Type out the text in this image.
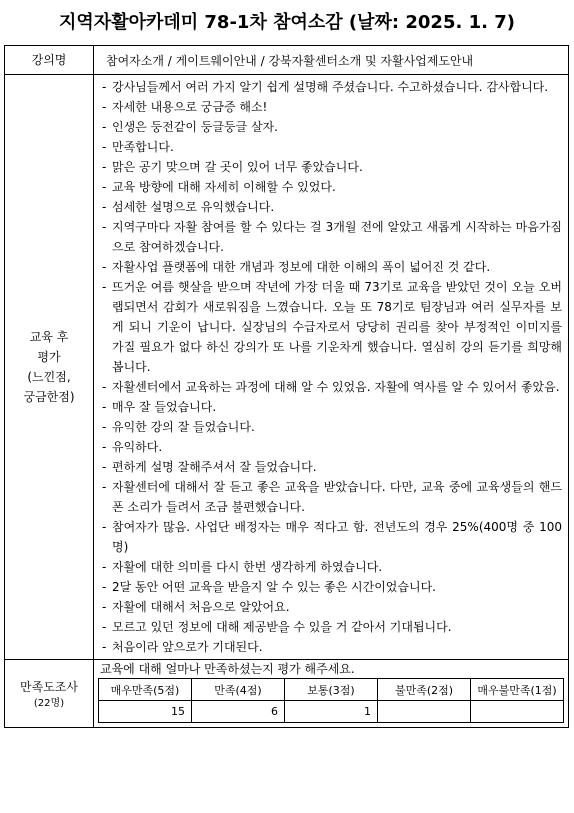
지역자활아카데미 78-1차 참여소감 (날짜: 2025. 1. 7)
강의명	참여자소개 / 게이트웨이안내 / 강북자활센터소개 및 자활사업제도안내

교육 후
평가
(느낀점,
궁금한점)

- 강사님들께서 여러 가지 알기 쉽게 설명해 주셨습니다. 수고하셨습니다. 감사합니다.
- 자세한 내용으로 궁금증 해소!
- 인생은 둥전같이 둥글둥글 살자.
- 만족합니다.
- 맑은 공기 맞으며 갈 곳이 있어 너무 좋았습니다.
- 교육 방향에 대해 자세히 이해할 수 있었다.
- 섬세한 설명으로 유익했습니다.
- 지역구마다 자활 참여를 할 수 있다는 걸 3개월 전에 알았고 새롭게 시작하는 마음가짐으로 참여하겠습니다.
- 자활사업 플랫폼에 대한 개념과 정보에 대한 이해의 폭이 넓어진 것 같다.
- 뜨거운 여름 햇살을 받으며 작년에 가장 더울 때 73기로 교육을 받았던 것이 오늘 오버랩되면서 감회가 새로워짐을 느꼈습니다. 오늘 또 78기로 팀장님과 여러 실무자를 보게 되니 기운이 납니다. 실장님의 수급자로서 당당히 권리를 찾아 부정적인 이미지를 가질 필요가 없다 하신 강의가 또 나를 기운차게 했습니다. 열심히 강의 듣기를 희망해 봅니다.
- 자활센터에서 교육하는 과정에 대해 알 수 있었음. 자활에 역사를 알 수 있어서 좋았음.
- 매우 잘 들었습니다.
- 유익한 강의 잘 들었습니다.
- 유익하다.
- 편하게 설명 잘해주셔서 잘 들었습니다.
- 자활센터에 대해서 잘 듣고 좋은 교육을 받았습니다. 다만, 교육 중에 교육생들의 핸드폰 소리가 들려서 조금 불편했습니다.
- 참여자가 많음. 사업단 배정자는 매우 적다고 함. 전년도의 경우 25%(400명 중 100명)
- 자활에 대한 의미를 다시 한번 생각하게 하였습니다.
- 2달 동안 어떤 교육을 받을지 알 수 있는 좋은 시간이었습니다.
- 자활에 대해서 처음으로 알았어요.
- 모르고 있던 정보에 대해 제공받을 수 있을 거 같아서 기대됩니다.
- 처음이라 앞으로가 기대된다.

만족도조사
(22명)

교육에 대해 얼마나 만족하셨는지 평가 해주세요.
매우만족(5점)	만족(4점)	보통(3점)	불만족(2점)	매우불만족(1점)
15	6	1		
